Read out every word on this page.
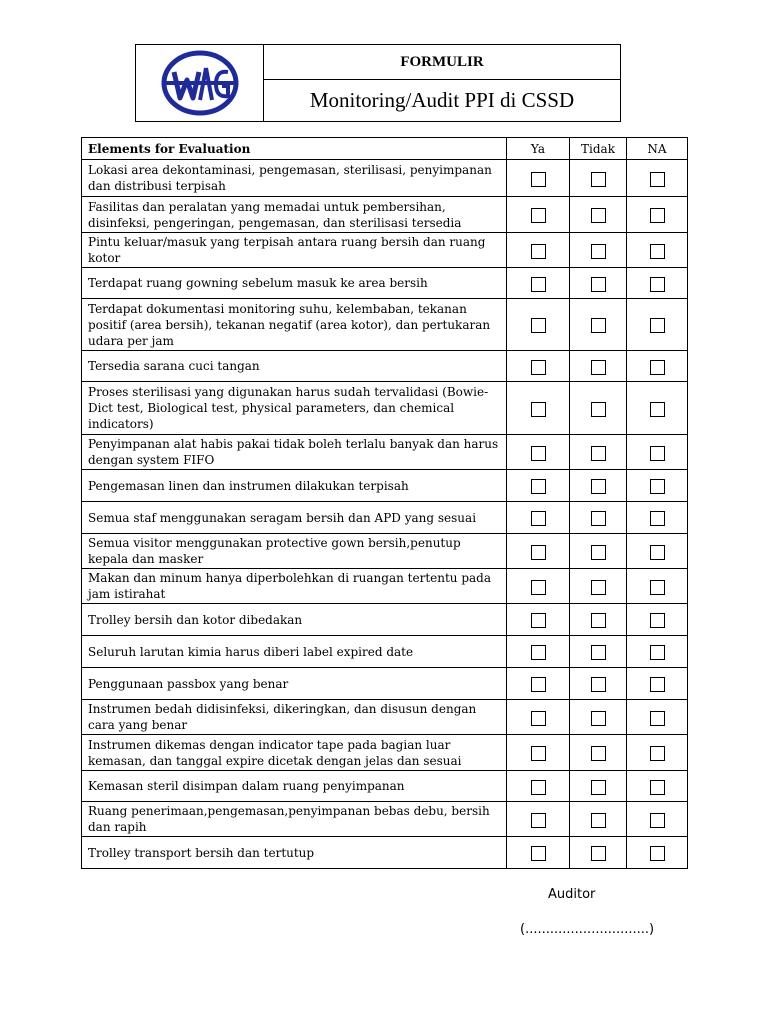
FORMULIR
Monitoring/Audit PPI di CSSD
Elements for Evaluation	Ya	Tidak	NA
Lokasi area dekontaminasi, pengemasan, sterilisasi, penyimpanan dan distribusi terpisah			
Fasilitas dan peralatan yang memadai untuk pembersihan, disinfeksi, pengeringan, pengemasan, dan sterilisasi tersedia			
Pintu keluar/masuk yang terpisah antara ruang bersih dan ruang kotor			
Terdapat ruang gowning sebelum masuk ke area bersih			
Terdapat dokumentasi monitoring suhu, kelembaban, tekanan positif (area bersih), tekanan negatif (area kotor), dan pertukaran udara per jam			
Tersedia sarana cuci tangan			
Proses sterilisasi yang digunakan harus sudah tervalidasi (Bowie-Dict test, Biological test, physical parameters, dan chemical indicators)			
Penyimpanan alat habis pakai tidak boleh terlalu banyak dan harus dengan system FIFO			
Pengemasan linen dan instrumen dilakukan terpisah			
Semua staf menggunakan seragam bersih dan APD yang sesuai			
Semua visitor menggunakan protective gown bersih,penutup kepala dan masker			
Makan dan minum hanya diperbolehkan di ruangan tertentu pada jam istirahat			
Trolley bersih dan kotor dibedakan			
Seluruh larutan kimia harus diberi label expired date			
Penggunaan passbox yang benar			
Instrumen bedah didisinfeksi, dikeringkan, dan disusun dengan cara yang benar			
Instrumen dikemas dengan indicator tape pada bagian luar kemasan, dan tanggal expire dicetak dengan jelas dan sesuai			
Kemasan steril disimpan dalam ruang penyimpanan			
Ruang penerimaan,pengemasan,penyimpanan bebas debu, bersih dan rapih			
Trolley transport bersih dan tertutup			
Auditor
(..............................)
